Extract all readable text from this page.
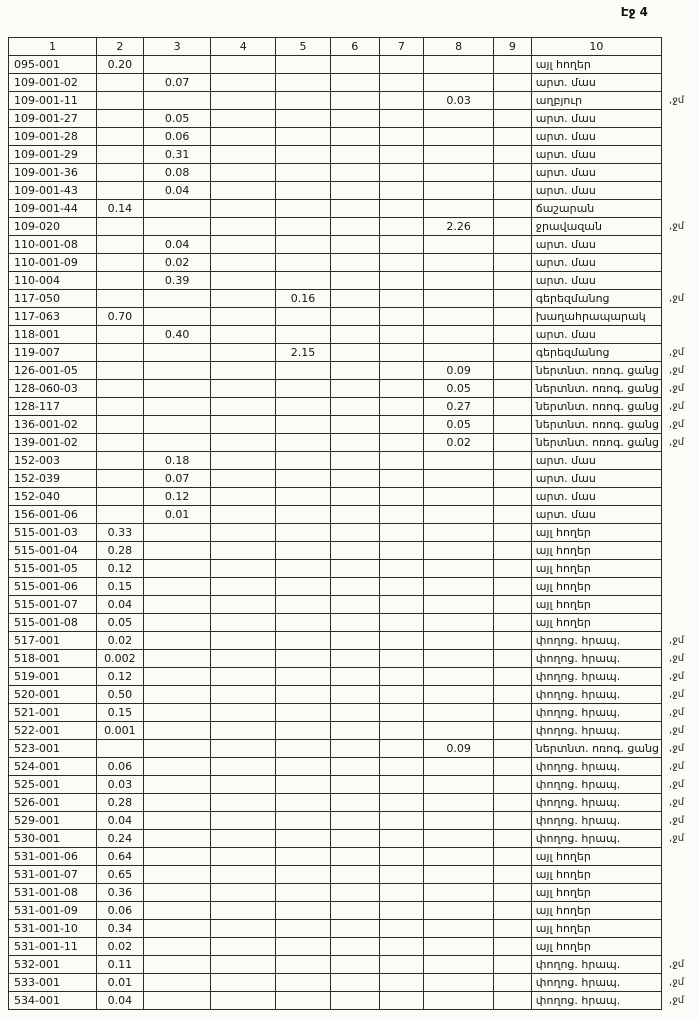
Էջ 4
1	2	3	4	5	6	7	8	9	10	
095-001	0.20								այլ հողեր	
109-001-02		0.07							արտ. մաս	
109-001-11							0.03		աղբյուր	,ջմ
109-001-27		0.05							արտ. մաս	
109-001-28		0.06							արտ. մաս	
109-001-29		0.31							արտ. մաս	
109-001-36		0.08							արտ. մաս	
109-001-43		0.04							արտ. մաս	
109-001-44	0.14								ճաշարան	
109-020							2.26		ջրավազան	,ջմ
110-001-08		0.04							արտ. մաս	
110-001-09		0.02							արտ. մաս	
110-004		0.39							արտ. մաս	
117-050				0.16					գերեզմանոց	,ջմ
117-063	0.70								խաղահրապարակ	
118-001		0.40							արտ. մաս	
119-007				2.15					գերեզմանոց	,ջմ
126-001-05							0.09		ներտնտ. ոռոգ. ցանց	,ջմ
128-060-03							0.05		ներտնտ. ոռոգ. ցանց	,ջմ
128-117							0.27		ներտնտ. ոռոգ. ցանց	,ջմ
136-001-02							0.05		ներտնտ. ոռոգ. ցանց	,ջմ
139-001-02							0.02		ներտնտ. ոռոգ. ցանց	,ջմ
152-003		0.18							արտ. մաս	
152-039		0.07							արտ. մաս	
152-040		0.12							արտ. մաս	
156-001-06		0.01							արտ. մաս	
515-001-03	0.33								այլ հողեր	
515-001-04	0.28								այլ հողեր	
515-001-05	0.12								այլ հողեր	
515-001-06	0.15								այլ հողեր	
515-001-07	0.04								այլ հողեր	
515-001-08	0.05								այլ հողեր	
517-001	0.02								փողոց. հրապ.	,ջմ
518-001	0.002								փողոց. հրապ.	,ջմ
519-001	0.12								փողոց. հրապ.	,ջմ
520-001	0.50								փողոց. հրապ.	,ջմ
521-001	0.15								փողոց. հրապ.	,ջմ
522-001	0.001								փողոց. հրապ.	,ջմ
523-001							0.09		ներտնտ. ոռոգ. ցանց	,ջմ
524-001	0.06								փողոց. հրապ.	,ջմ
525-001	0.03								փողոց. հրապ.	,ջմ
526-001	0.28								փողոց. հրապ.	,ջմ
529-001	0.04								փողոց. հրապ.	,ջմ
530-001	0.24								փողոց. հրապ.	,ջմ
531-001-06	0.64								այլ հողեր	
531-001-07	0.65								այլ հողեր	
531-001-08	0.36								այլ հողեր	
531-001-09	0.06								այլ հողեր	
531-001-10	0.34								այլ հողեր	
531-001-11	0.02								այլ հողեր	
532-001	0.11								փողոց. հրապ.	,ջմ
533-001	0.01								փողոց. հրապ.	,ջմ
534-001	0.04								փողոց. հրապ.	,ջմ
